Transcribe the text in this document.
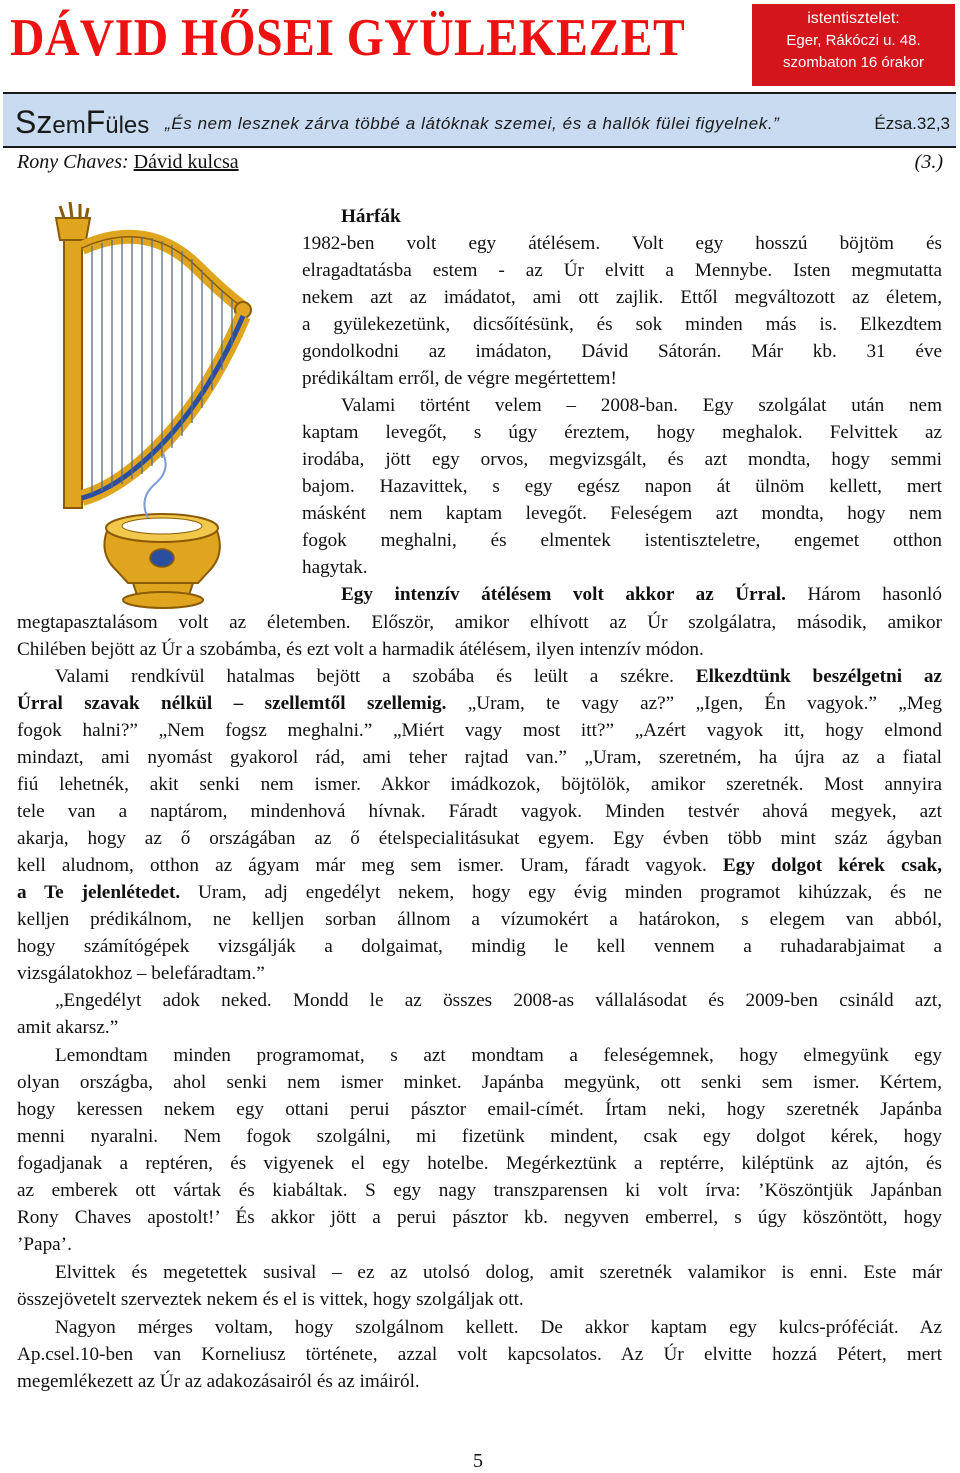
DÁVID HŐSEI GYÜLEKEZET	istentisztelet:
Eger, Rákóczi u. 48.
szombaton 16 órakor
SzemFüles „És nem lesznek zárva többé a látóknak szemei, és a hallók fülei figyelnek.”	Ézsa.32,3
Rony Chaves: Dávid kulcsa	(3.)
Hárfák
1982-ben volt egy átélésem. Volt egy hosszú böjtöm és
elragadtatásba estem - az Úr elvitt a Mennybe. Isten megmutatta
nekem azt az imádatot, ami ott zajlik. Ettől megváltozott az életem,
a gyülekezetünk, dicsőítésünk, és sok minden más is. Elkezdtem
gondolkodni az imádaton, Dávid Sátorán. Már kb. 31 éve
prédikáltam erről, de végre megértettem!
Valami történt velem – 2008-ban. Egy szolgálat után nem
kaptam levegőt, s úgy éreztem, hogy meghalok. Felvittek az
irodába, jött egy orvos, megvizsgált, és azt mondta, hogy semmi
bajom. Hazavittek, s egy egész napon át ülnöm kellett, mert
másként nem kaptam levegőt. Feleségem azt mondta, hogy nem
fogok meghalni, és elmentek istentiszteletre, engemet otthon
hagytak.
Egy intenzív átélésem volt akkor az Úrral. Három hasonló
megtapasztalásom volt az életemben. Először, amikor elhívott az Úr szolgálatra, második, amikor
Chilében bejött az Úr a szobámba, és ezt volt a harmadik átélésem, ilyen intenzív módon.
Valami rendkívül hatalmas bejött a szobába és leült a székre. Elkezdtünk beszélgetni az
Úrral szavak nélkül – szellemtől szellemig. „Uram, te vagy az?” „Igen, Én vagyok.” „Meg
fogok halni?” „Nem fogsz meghalni.” „Miért vagy most itt?” „Azért vagyok itt, hogy elmond
mindazt, ami nyomást gyakorol rád, ami teher rajtad van.” „Uram, szeretném, ha újra az a fiatal
fiú lehetnék, akit senki nem ismer. Akkor imádkozok, böjtölök, amikor szeretnék. Most annyira
tele van a naptárom, mindenhová hívnak. Fáradt vagyok. Minden testvér ahová megyek, azt
akarja, hogy az ő országában az ő ételspecialitásukat egyem. Egy évben több mint száz ágyban
kell aludnom, otthon az ágyam már meg sem ismer. Uram, fáradt vagyok. Egy dolgot kérek csak,
a Te jelenlétedet. Uram, adj engedélyt nekem, hogy egy évig minden programot kihúzzak, és ne
kelljen prédikálnom, ne kelljen sorban állnom a vízumokért a határokon, s elegem van abból,
hogy számítógépek vizsgálják a dolgaimat, mindig le kell vennem a ruhadarabjaimat a
vizsgálatokhoz – belefáradtam.”
„Engedélyt adok neked. Mondd le az összes 2008-as vállalásodat és 2009-ben csináld azt,
amit akarsz.”
Lemondtam minden programomat, s azt mondtam a feleségemnek, hogy elmegyünk egy
olyan országba, ahol senki nem ismer minket. Japánba megyünk, ott senki sem ismer. Kértem,
hogy keressen nekem egy ottani perui pásztor email-címét. Írtam neki, hogy szeretnék Japánba
menni nyaralni. Nem fogok szolgálni, mi fizetünk mindent, csak egy dolgot kérek, hogy
fogadjanak a reptéren, és vigyenek el egy hotelbe. Megérkeztünk a reptérre, kiléptünk az ajtón, és
az emberek ott vártak és kiabáltak. S egy nagy transzparensen ki volt írva: ’Köszöntjük Japánban
Rony Chaves apostolt!’ És akkor jött a perui pásztor kb. negyven emberrel, s úgy köszöntött, hogy
’Papa’.
Elvittek és megetettek susival – ez az utolsó dolog, amit szeretnék valamikor is enni. Este már
összejövetelt szerveztek nekem és el is vittek, hogy szolgáljak ott.
Nagyon mérges voltam, hogy szolgálnom kellett. De akkor kaptam egy kulcs-próféciát. Az
Ap.csel.10-ben van Korneliusz története, azzal volt kapcsolatos. Az Úr elvitte hozzá Pétert, mert
megemlékezett az Úr az adakozásairól és az imáiról.
5
